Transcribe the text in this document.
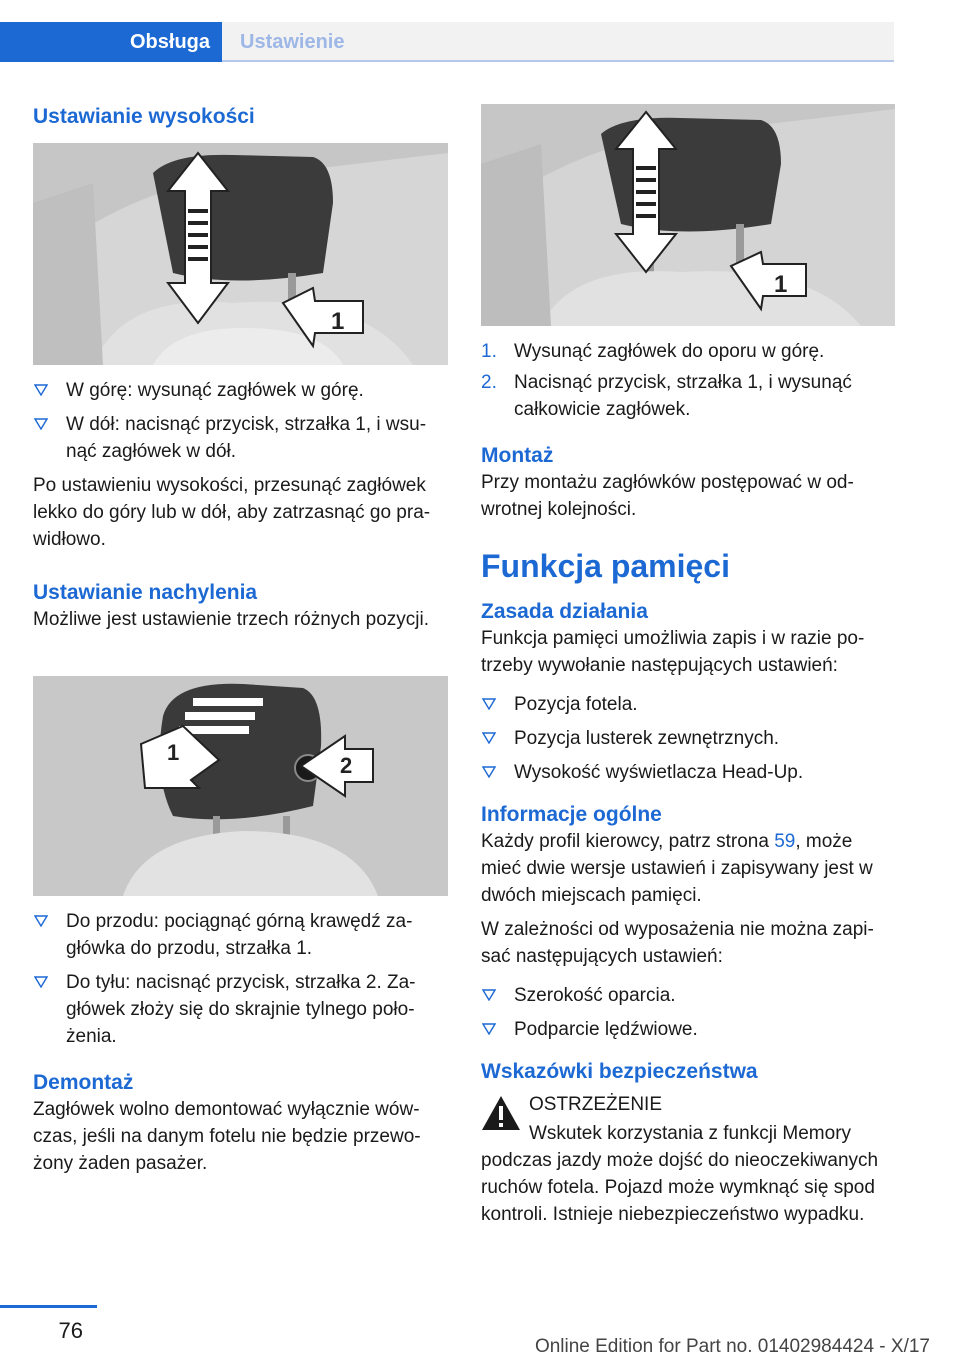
Obsługa	Ustawienie
Ustawianie wysokości
1
W górę: wysunąć zagłówek w górę.
W dół: nacisnąć przycisk, strzałka 1, i wsunąć zagłówek w dół.

Po ustawieniu wysokości, przesunąć zagłówek lekko do góry lub w dół, aby zatrzasnąć go prawidłowo.

Ustawianie nachylenia

Możliwe jest ustawienie trzech różnych pozycji.

1
2
Do przodu: pociągnąć górną krawędź zagłówka do przodu, strzałka 1.
Do tyłu: nacisnąć przycisk, strzałka 2. Zagłówek złoży się do skrajnie tylnego położenia.
Demontaż

Zagłówek wolno demontować wyłącznie wówczas, jeśli na danym fotelu nie będzie przewożony żaden pasażer.

1
1. Wysunąć zagłówek do oporu w górę.
2. Nacisnąć przycisk, strzałka 1, i wysunąć całkowicie zagłówek.
Montaż

Przy montażu zagłówków postępować w odwrotnej kolejności.

Funkcja pamięci
Zasada działania

Funkcja pamięci umożliwia zapis i w razie potrzeby wywołanie następujących ustawień:

Pozycja fotela.
Pozycja lusterek zewnętrznych.
Wysokość wyświetlacza Head-Up.
Informacje ogólne

Każdy profil kierowcy, patrz strona 59, może mieć dwie wersje ustawień i zapisywany jest w dwóch miejscach pamięci.

W zależności od wyposażenia nie można zapisać następujących ustawień:

Szerokość oparcia.
Podparcie lędźwiowe.
Wskazówki bezpieczeństwa

OSTRZEŻENIE

Wskutek korzystania z funkcji Memory podczas jazdy może dojść do nieoczekiwanych ruchów fotela. Pojazd może wymknąć się spod kontroli. Istnieje niebezpieczeństwo wypadku.

76
Online Edition for Part no. 01402984424 - X/17
